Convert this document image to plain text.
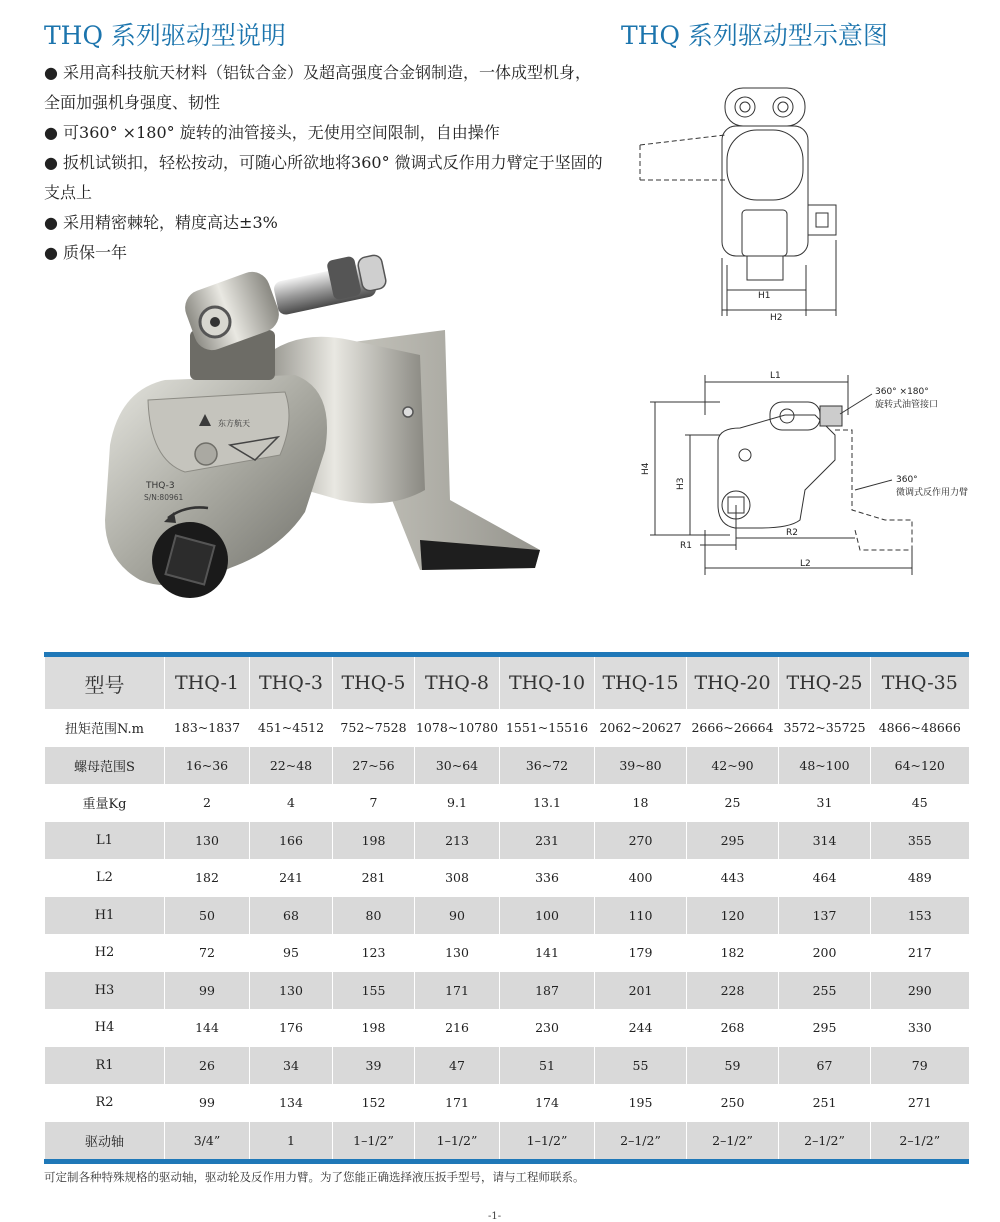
THQ 系列驱动型说明	THQ 系列驱动型示意图

● 采用高科技航天材料（铝钛合金）及超高强度合金钢制造，一体成型机身，全面加强机身强度、韧性

● 可360° ×180° 旋转的油管接头，无使用空间限制，自由操作

● 扳机试锁扣，轻松按动，可随心所欲地将360° 微调式反作用力臂定于坚固的支点上

● 采用精密棘轮，精度高达±3%

● 质保一年

东方航天
THQ-3
S/N:80961
H1
H2
L1
L2
H4
H3
R1
R2
360° ×180°
旋转式油管接口
360°
微调式反作用力臂
型号	THQ-1	THQ-3	THQ-5	THQ-8	THQ-10	THQ-15	THQ-20	THQ-25	THQ-35
扭矩范围N.m	183~1837	451~4512	752~7528	1078~10780	1551~15516	2062~20627	2666~26664	3572~35725	4866~48666
螺母范围S	16~36	22~48	27~56	30~64	36~72	39~80	42~90	48~100	64~120
重量Kg	2	4	7	9.1	13.1	18	25	31	45
L1	130	166	198	213	231	270	295	314	355
L2	182	241	281	308	336	400	443	464	489
H1	50	68	80	90	100	110	120	137	153
H2	72	95	123	130	141	179	182	200	217
H3	99	130	155	171	187	201	228	255	290
H4	144	176	198	216	230	244	268	295	330
R1	26	34	39	47	51	55	59	67	79
R2	99	134	152	171	174	195	250	251	271
驱动轴	3/4”	1	1–1/2”	1–1/2”	1–1/2”	2–1/2”	2–1/2”	2–1/2”	2–1/2”
可定制各种特殊规格的驱动轴，驱动轮及反作用力臂。为了您能正确选择液压扳手型号，请与工程师联系。
-1-
